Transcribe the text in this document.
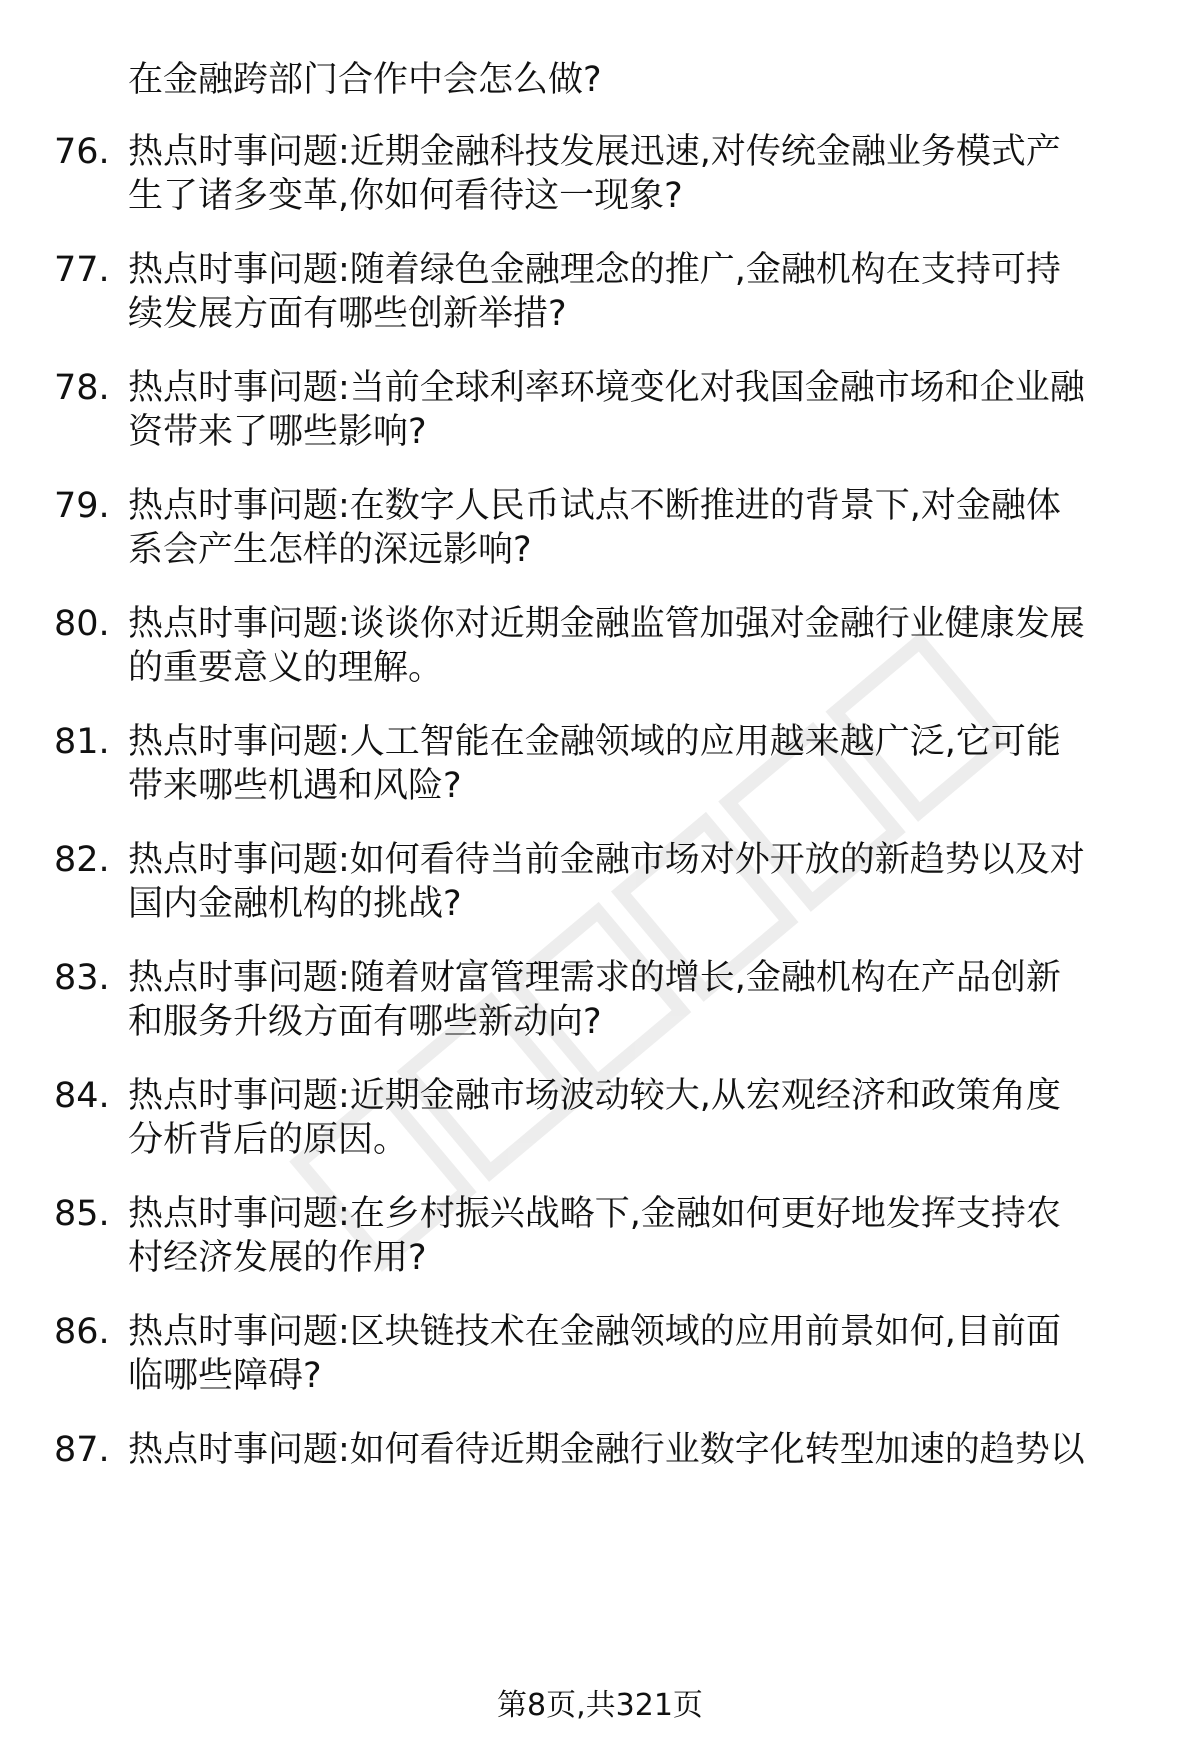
在金融跨部门合作中会怎么做?
76. 热点时事问题:近期金融科技发展迅速,对传统金融业务模式产
生了诸多变革,你如何看待这一现象?
77. 热点时事问题:随着绿色金融理念的推广,金融机构在支持可持
续发展方面有哪些创新举措?
78. 热点时事问题:当前全球利率环境变化对我国金融市场和企业融
资带来了哪些影响?
79. 热点时事问题:在数字人民币试点不断推进的背景下,对金融体
系会产生怎样的深远影响?
80. 热点时事问题:谈谈你对近期金融监管加强对金融行业健康发展
的重要意义的理解。
81. 热点时事问题:人工智能在金融领域的应用越来越广泛,它可能
带来哪些机遇和风险?
82. 热点时事问题:如何看待当前金融市场对外开放的新趋势以及对
国内金融机构的挑战?
83. 热点时事问题:随着财富管理需求的增长,金融机构在产品创新
和服务升级方面有哪些新动向?
84. 热点时事问题:近期金融市场波动较大,从宏观经济和政策角度
分析背后的原因。
85. 热点时事问题:在乡村振兴战略下,金融如何更好地发挥支持农
村经济发展的作用?
86. 热点时事问题:区块链技术在金融领域的应用前景如何,目前面
临哪些障碍?
87. 热点时事问题:如何看待近期金融行业数字化转型加速的趋势以
第8页,共321页
